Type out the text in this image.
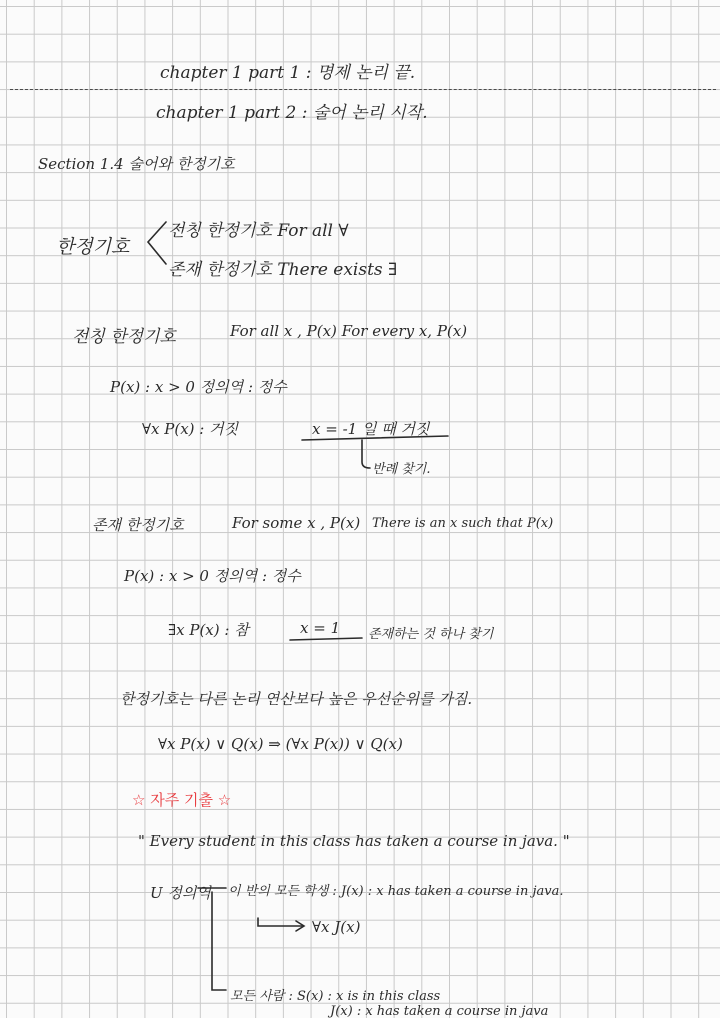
chapter 1 part 1 : 명제 논리 끝.
chapter 1 part 2 : 술어 논리 시작.
Section 1.4 술어와 한정기호
한정기호
전칭 한정기호 For all ∀
존재 한정기호 There exists ∃
전칭 한정기호	For all x , P(x) For every x, P(x)
P(x) : x > 0 정의역 : 정수
∀x P(x) : 거짓	x = -1 일 때 거짓
반례 찾기.
존재 한정기호	For some x , P(x) There is an x such that P(x)
P(x) : x > 0 정의역 : 정수
∃x P(x) : 참	x = 1 존재하는 것 하나 찾기
한정기호는 다른 논리 연산보다 높은 우선순위를 가짐.
∀x P(x) ∨ Q(x) ⇒ (∀x P(x)) ∨ Q(x)
☆ 자주 기출 ☆
" Every student in this class has taken a course in java. "
U 정의역 이 반의 모든 학생 : J(x) : x has taken a course in java.
∀x J(x)
모든 사람 : S(x) : x is in this class
J(x) : x has taken a course in java
